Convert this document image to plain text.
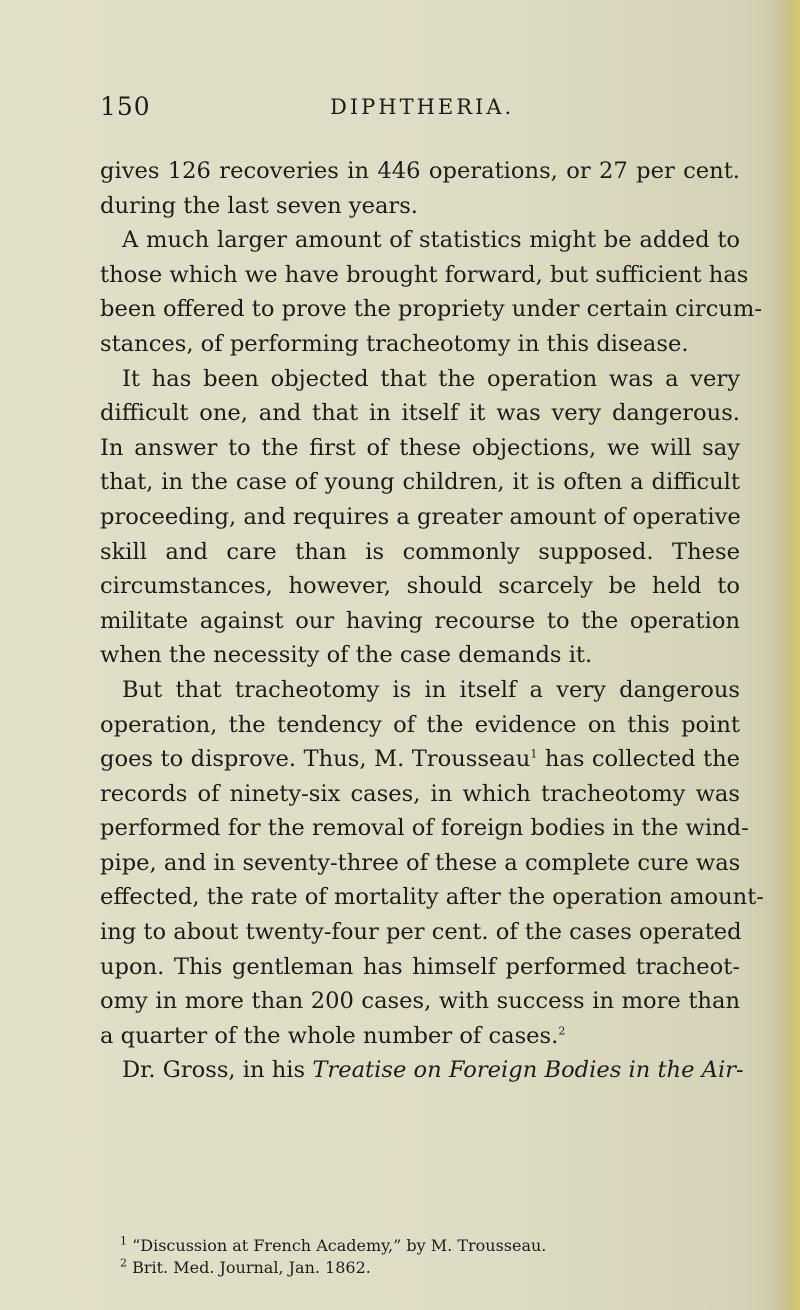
150	DIPHTHERIA.
gives 126 recoveries in 446 operations, or 27 per cent.
during the last seven years.
A much larger amount of statistics might be added to
those which we have brought forward, but sufficient has
been offered to prove the propriety under certain circum-
stances, of performing tracheotomy in this disease.
It has been objected that the operation was a very
difficult one, and that in itself it was very dangerous.
In answer to the first of these objections, we will say
that, in the case of young children, it is often a difficult
proceeding, and requires a greater amount of operative
skill and care than is commonly supposed. These
circumstances, however, should scarcely be held to
militate against our having recourse to the operation
when the necessity of the case demands it.
But that tracheotomy is in itself a very dangerous
operation, the tendency of the evidence on this point
goes to disprove. Thus, M. Trousseau$^1$ has collected the
records of ninety-six cases, in which tracheotomy was
performed for the removal of foreign bodies in the wind-
pipe, and in seventy-three of these a complete cure was
effected, the rate of mortality after the operation amount-
ing to about twenty-four per cent. of the cases operated
upon. This gentleman has himself performed tracheot-
omy in more than 200 cases, with success in more than
a quarter of the whole number of cases.$^2$
Dr. Gross, in his Treatise on Foreign Bodies in the Air-
$^1$ “Discussion at French Academy,” by M. Trousseau.
$^2$ Brit. Med. Journal, Jan. 1862.
